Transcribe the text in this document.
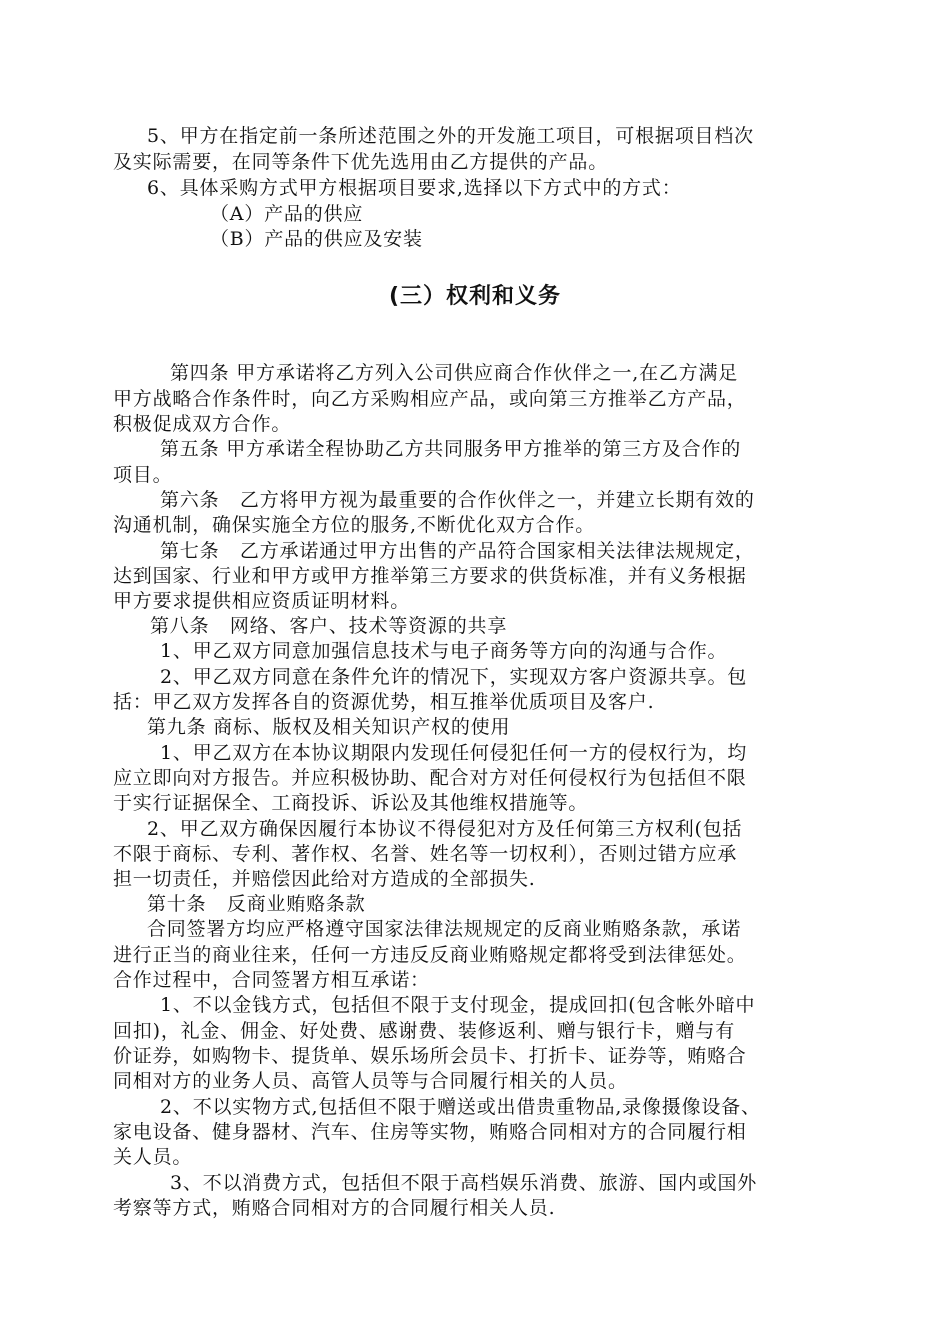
5、甲方在指定前一条所述范围之外的开发施工项目，可根据项目档次
及实际需要，在同等条件下优先选用由乙方提供的产品。
6、具体采购方式甲方根据项目要求,选择以下方式中的方式：
（A）产品的供应
（B）产品的供应及安装
(三）权利和义务
第四条 甲方承诺将乙方列入公司供应商合作伙伴之一,在乙方满足
甲方战略合作条件时，向乙方采购相应产品，或向第三方推举乙方产品，
积极促成双方合作。
第五条 甲方承诺全程协助乙方共同服务甲方推举的第三方及合作的
项目。
第六条   乙方将甲方视为最重要的合作伙伴之一，并建立长期有效的
沟通机制，确保实施全方位的服务,不断优化双方合作。
第七条   乙方承诺通过甲方出售的产品符合国家相关法律法规规定，
达到国家、行业和甲方或甲方推举第三方要求的供货标准，并有义务根据
甲方要求提供相应资质证明材料。
第八条   网络、客户、技术等资源的共享
1、甲乙双方同意加强信息技术与电子商务等方向的沟通与合作。
2、甲乙双方同意在条件允许的情况下，实现双方客户资源共享。包
括：甲乙双方发挥各自的资源优势，相互推举优质项目及客户.
第九条 商标、版权及相关知识产权的使用
1、甲乙双方在本协议期限内发现任何侵犯任何一方的侵权行为，均
应立即向对方报告。并应积极协助、配合对方对任何侵权行为包括但不限
于实行证据保全、工商投诉、诉讼及其他维权措施等。
2、甲乙双方确保因履行本协议不得侵犯对方及任何第三方权利(包括
不限于商标、专利、著作权、名誉、姓名等一切权利），否则过错方应承
担一切责任，并赔偿因此给对方造成的全部损失.
第十条   反商业贿赂条款
合同签署方均应严格遵守国家法律法规规定的反商业贿赂条款，承诺
进行正当的商业往来，任何一方违反反商业贿赂规定都将受到法律惩处。
合作过程中，合同签署方相互承诺：
1、不以金钱方式，包括但不限于支付现金，提成回扣(包含帐外暗中
回扣)，礼金、佣金、好处费、感谢费、装修返利、赠与银行卡，赠与有
价证券，如购物卡、提货单、娱乐场所会员卡、打折卡、证券等，贿赂合
同相对方的业务人员、高管人员等与合同履行相关的人员。
2、不以实物方式,包括但不限于赠送或出借贵重物品,录像摄像设备、
家电设备、健身器材、汽车、住房等实物，贿赂合同相对方的合同履行相
关人员。
3、不以消费方式，包括但不限于高档娱乐消费、旅游、国内或国外
考察等方式，贿赂合同相对方的合同履行相关人员.
